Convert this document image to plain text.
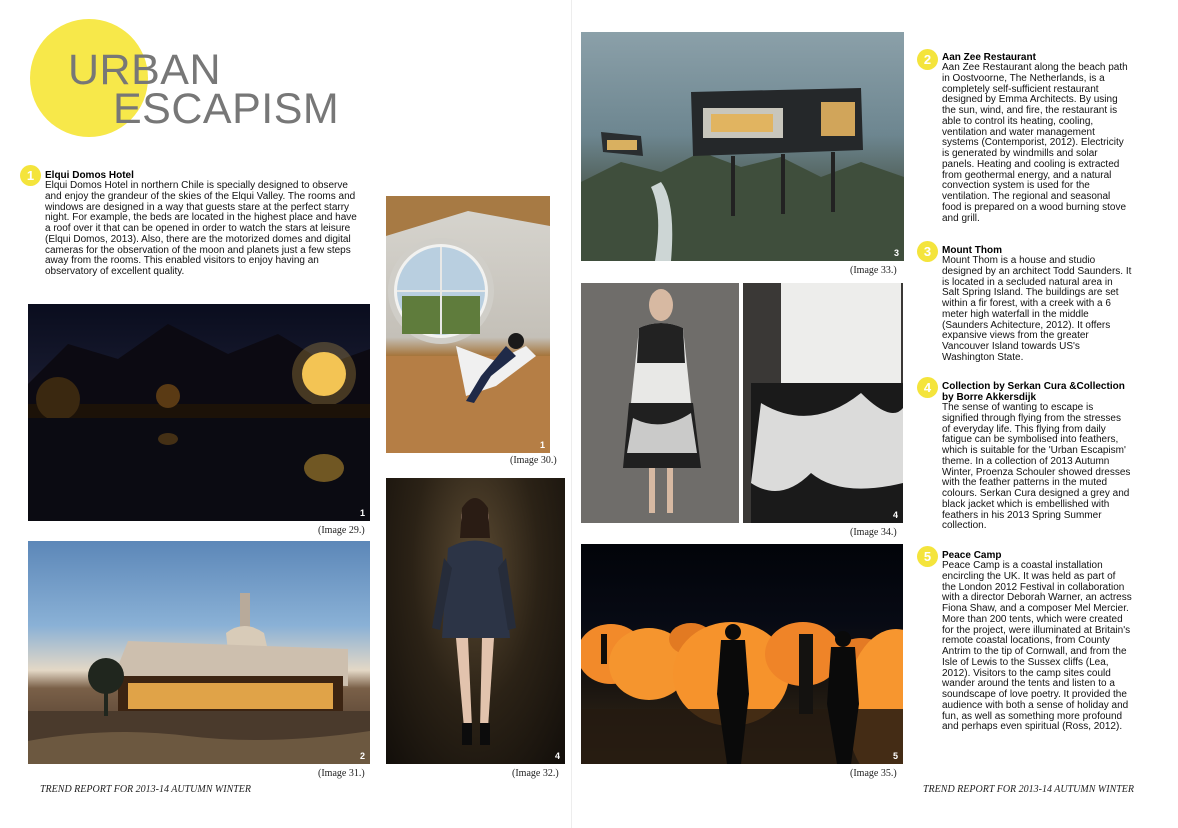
URBAN
ESCAPISM
1	Elqui Domos Hotel

Elqui Domos Hotel in northern Chile is specially designed to observe and enjoy the grandeur of the skies of the Elqui Valley. The rooms and windows are designed in a way that guests stare at the perfect starry night. For example, the beds are located in the highest place and have a roof over it that can be opened in order to watch the stars at leisure (Elqui Domos, 2013). Also, there are the motorized domes and digital cameras for the observation of the moon and planets just a few steps away from the rooms. This enabled visitors to enjoy having an observatory of excellent quality.

2	Aan Zee Restaurant

Aan Zee Restaurant along the beach path in Oostvoorne, The Netherlands, is a completely self-sufficient restaurant designed by Emma Architects. By using the sun, wind, and fire, the restaurant is able to control its heating, cooling, ventilation and water management systems (Contemporist, 2012). Electricity is generated by windmills and solar panels. Heating and cooling is extracted from geothermal energy, and a natural convection system is used for the ventilation. The regional and seasonal food is prepared on a wood burning stove and grill.

3	Mount Thom

Mount Thom is a house and studio designed by an architect Todd Saunders. It is located in a secluded natural area in Salt Spring Island. The buildings are set within a fir forest, with a creek with a 6 meter high waterfall in the middle (Saunders Achitecture, 2012). It offers expansive views from the greater Vancouver Island towards US's Washington State.

4	Collection by Serkan Cura &Collection by Borre Akkersdijk

The sense of wanting to escape is signified through flying from the stresses of everyday life. This flying from daily fatigue can be symbolised into feathers, which is suitable for the 'Urban Escapism' theme. In a collection of 2013 Autumn Winter, Proenza Schouler showed dresses with the feather patterns in the muted colours. Serkan Cura designed a grey and black jacket which is embellished with feathers in his 2013 Spring Summer collection.

5	Peace Camp

Peace Camp is a coastal installation encircling the UK. It was held as part of the London 2012 Festival in collaboration with a director Deborah Warner, an actress Fiona Shaw, and a composer Mel Mercier. More than 200 tents, which were created for the project, were illuminated at Britain's remote coastal locations, from County Antrim to the tip of Cornwall, and from the Isle of Lewis to the Sussex cliffs (Lea, 2012). Visitors to the camp sites could wander around the tents and listen to a soundscape of love poetry. It provided the audience with both a sense of holiday and fun, as well as something more profound and perhaps even spiritual (Ross, 2012).

1
(Image 29.)
1
(Image 30.)
2
(Image 31.)
4
(Image 32.)
3
(Image 33.)
4
(Image 34.)
5
(Image 35.)
TREND REPORT FOR 2013-14 AUTUMN WINTER	TREND REPORT FOR 2013-14 AUTUMN WINTER
